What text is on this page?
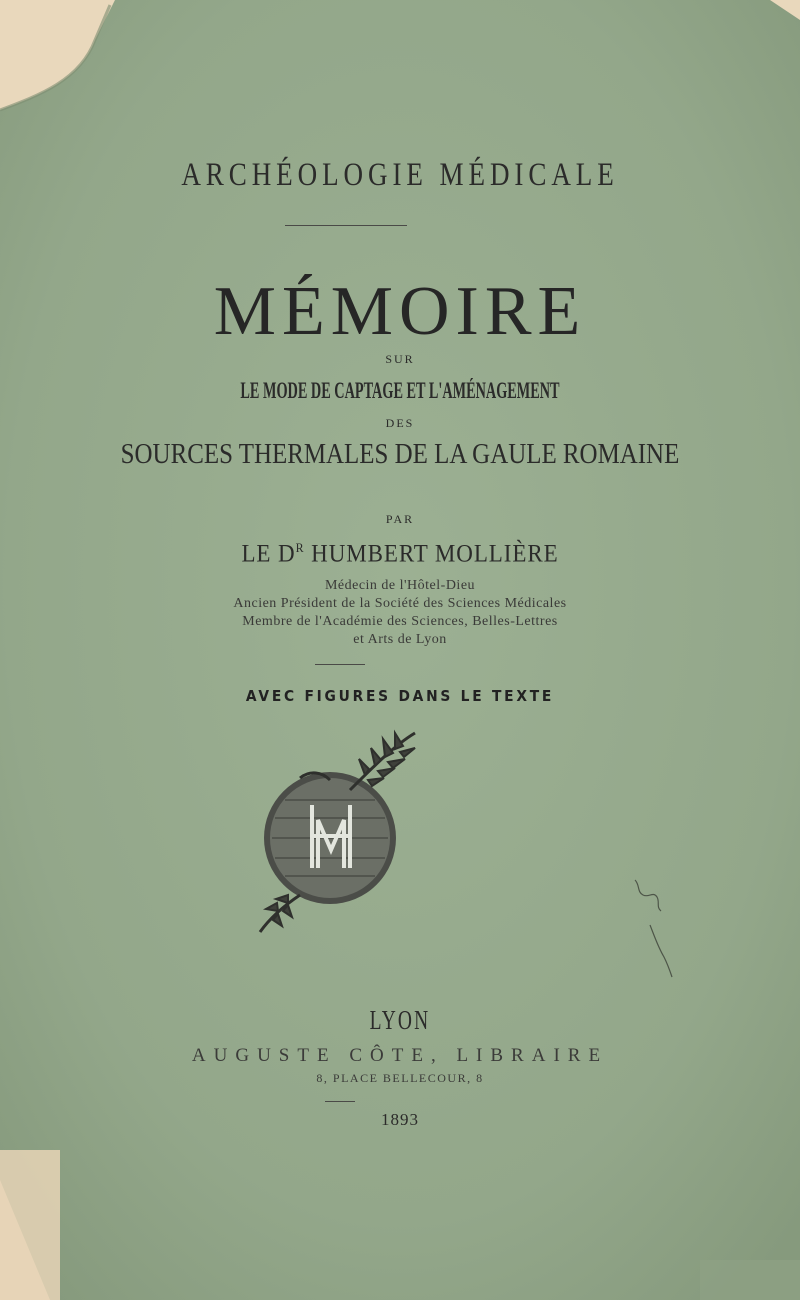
ARCHÉOLOGIE MÉDICALE
MÉMOIRE
SUR
LE MODE DE CAPTAGE ET L'AMÉNAGEMENT
DES
SOURCES THERMALES DE LA GAULE ROMAINE
PAR
LE $D^R$ HUMBERT MOLLIÈRE
Médecin de l'Hôtel-Dieu
Ancien Président de la Société des Sciences Médicales
Membre de l'Académie des Sciences, Belles-Lettres
et Arts de Lyon
AVEC FIGURES DANS LE TEXTE
LYON
AUGUSTE CÔTE, LIBRAIRE
8, PLACE BELLECOUR, 8
1893
